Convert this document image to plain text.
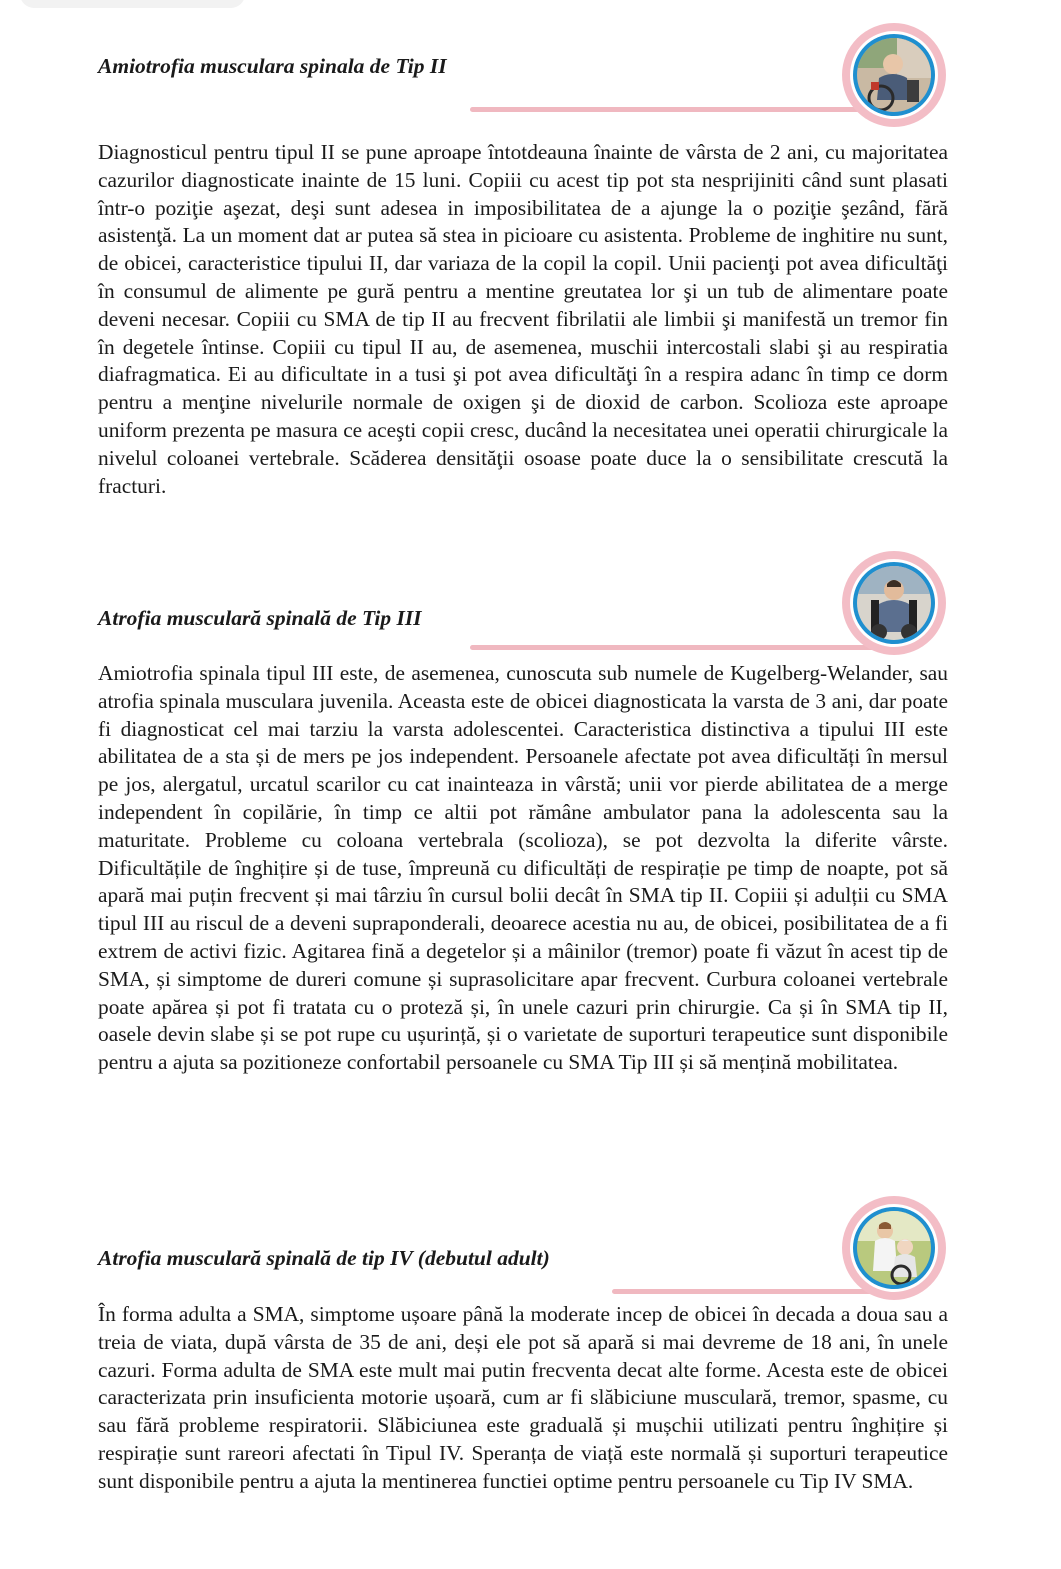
Amiotrofia musculara spinala de Tip II

Diagnosticul pentru tipul II se pune aproape întotdeauna înainte de vârsta de 2 ani, cu majoritatea cazurilor diagnosticate inainte de 15 luni. Copiii cu acest tip pot sta nesprijiniti când sunt plasati într-o poziţie aşezat, deşi sunt adesea in imposibilitatea de a ajunge la o poziţie şezând, fără asistenţă. La un moment dat ar putea să stea in picioare cu asistenta. Probleme de inghitire nu sunt, de obicei, caracteristice tipului II, dar variaza de la copil la copil. Unii pacienţi pot avea dificultăţi în consumul de alimente pe gură pentru a mentine greutatea lor şi un tub de alimentare poate deveni necesar. Copiii cu SMA de tip II au frecvent fibrilatii ale limbii şi manifestă un tremor fin în degetele întinse. Copiii cu tipul II au, de asemenea, muschii intercostali slabi şi au respiratia diafragmatica. Ei au dificultate in a tusi şi pot avea dificultăţi în a respira adanc în timp ce dorm pentru a menţine nivelurile normale de oxigen şi de dioxid de carbon. Scolioza este aproape uniform prezenta pe masura ce aceşti copii cresc, ducând la necesitatea unei operatii chirurgicale la nivelul coloanei vertebrale. Scăderea densităţii osoase poate duce la o sensibilitate crescută la fracturi.

Atrofia musculară spinală de Tip III

Amiotrofia spinala tipul III este, de asemenea, cunoscuta sub numele de Kugelberg-Welander, sau atrofia spinala musculara juvenila. Aceasta este de obicei diagnosticata la varsta de 3 ani, dar poate fi diagnosticat cel mai tarziu la varsta adolescentei. Caracteristica distinctiva a tipului III este abilitatea de a sta și de mers pe jos independent. Persoanele afectate pot avea dificultăți în mersul pe jos, alergatul, urcatul scarilor cu cat inainteaza in vârstă; unii vor pierde abilitatea de a merge independent în copilărie, în timp ce altii pot rămâne ambulator pana la adolescenta sau la maturitate. Probleme cu coloana vertebrala (scolioza), se pot dezvolta la diferite vârste. Dificultățile de înghițire și de tuse, împreună cu dificultăți de respirație pe timp de noapte, pot să apară mai puțin frecvent și mai târziu în cursul bolii decât în SMA tip II. Copiii și adulții cu SMA tipul III au riscul de a deveni supraponderali, deoarece acestia nu au, de obicei, posibilitatea de a fi extrem de activi fizic. Agitarea fină a degetelor și a mâinilor (tremor) poate fi văzut în acest tip de SMA, și simptome de dureri comune și suprasolicitare apar frecvent. Curbura coloanei vertebrale poate apărea și pot fi tratata cu o proteză și, în unele cazuri prin chirurgie. Ca și în SMA tip II, oasele devin slabe și se pot rupe cu ușurință, și o varietate de suporturi terapeutice sunt disponibile pentru a ajuta sa pozitioneze confortabil persoanele cu SMA Tip III și să mențină mobilitatea.

Atrofia musculară spinală de tip IV (debutul adult)

În forma adulta a SMA, simptome ușoare până la moderate incep de obicei în decada a doua sau a treia de viata, după vârsta de 35 de ani, deși ele pot să apară si mai devreme de 18 ani, în unele cazuri. Forma adulta de SMA este mult mai putin frecventa decat alte forme. Acesta este de obicei caracterizata prin insuficienta motorie ușoară, cum ar fi slăbiciune musculară, tremor, spasme, cu sau fără probleme respiratorii. Slăbiciunea este graduală și mușchii utilizati pentru înghițire și respirație sunt rareori afectati în Tipul IV. Speranța de viață este normală și suporturi terapeutice sunt disponibile pentru a ajuta la mentinerea functiei optime pentru persoanele cu Tip IV SMA.
